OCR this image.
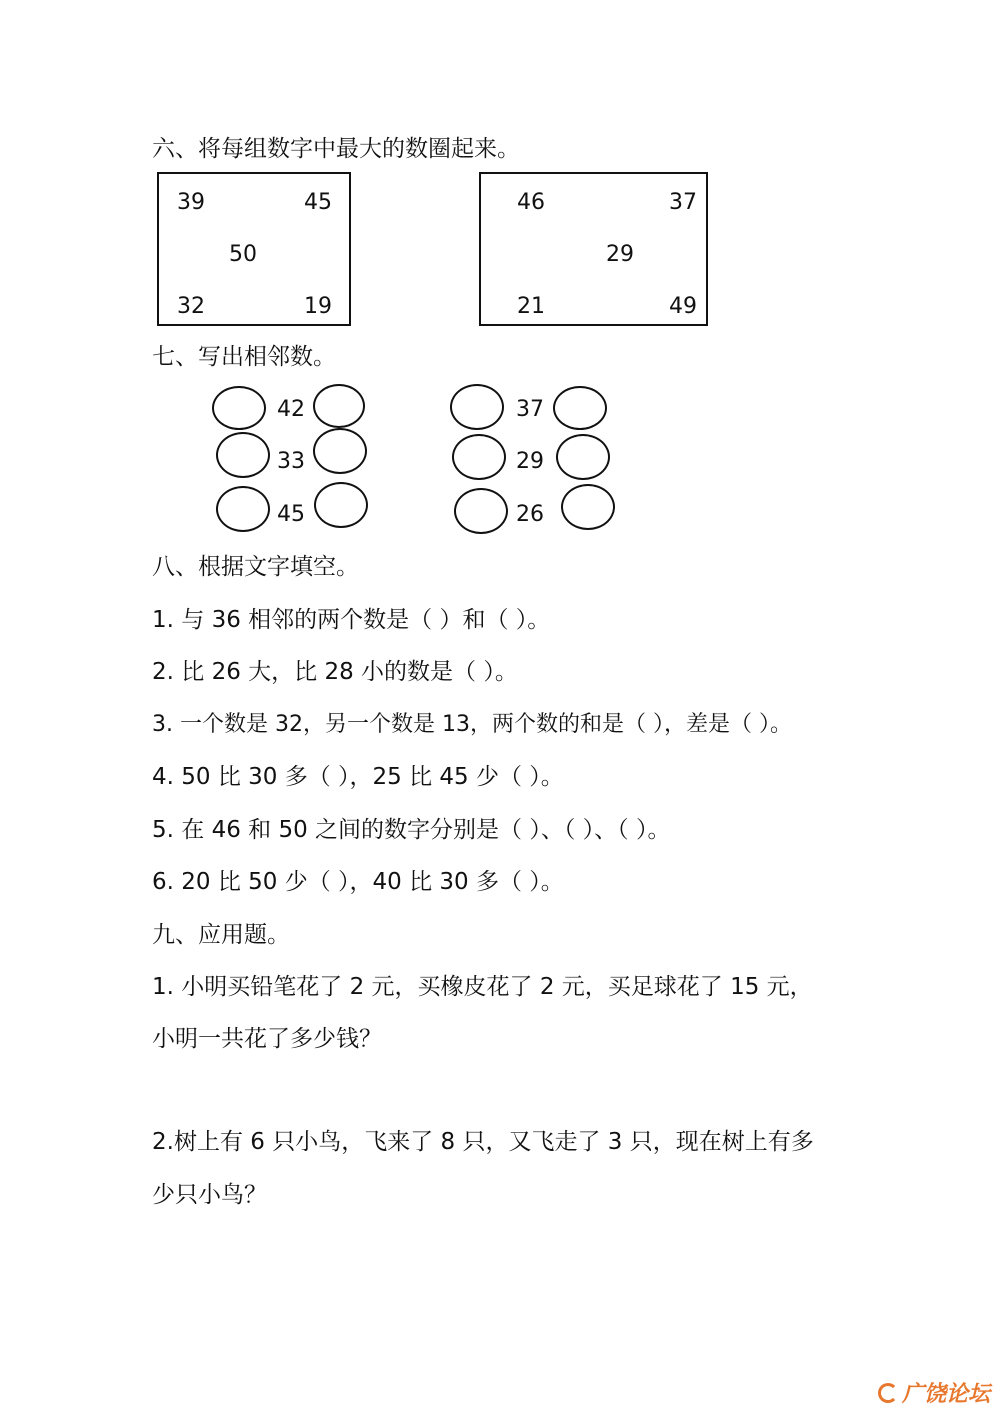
六、将每组数字中最大的数圈起来。
39	45
50
32	19
46	37
29
21	49
七、写出相邻数。
42
33
45
37
29
26
八、根据文字填空。
1. 与 36 相邻的两个数是（ ）和（ ）。
2. 比 26 大，比 28 小的数是（ ）。
3. 一个数是 32，另一个数是 13，两个数的和是（ ），差是（ ）。
4. 50 比 30 多（ ），25 比 45 少（ ）。
5. 在 46 和 50 之间的数字分别是（ ）、（ ）、（ ）。
6. 20 比 50 少（ ），40 比 30 多（ ）。
九、应用题。
1. 小明买铅笔花了 2 元，买橡皮花了 2 元，买足球花了 15 元，
小明一共花了多少钱？
2.树上有 6 只小鸟，飞来了 8 只，又飞走了 3 只，现在树上有多
少只小鸟？
广饶论坛
